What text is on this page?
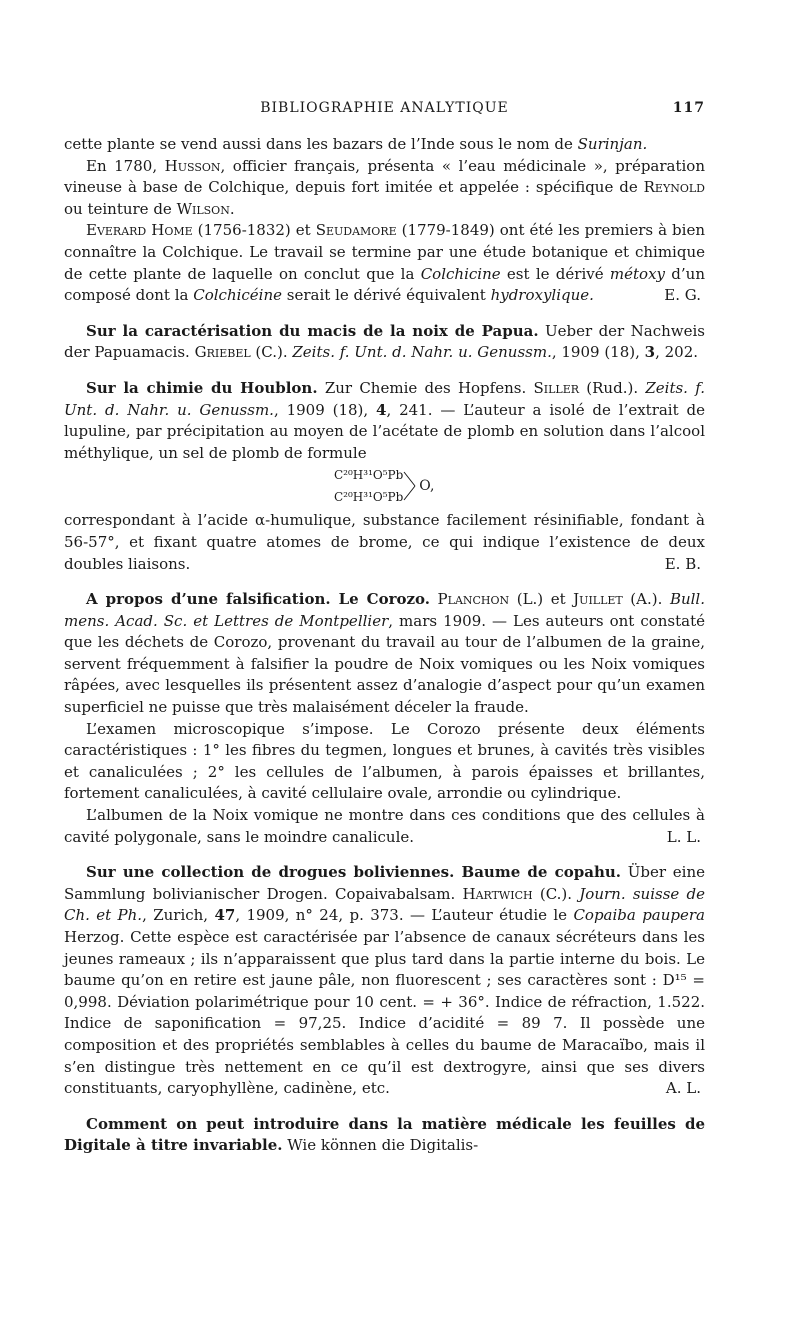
BIBLIOGRAPHIE ANALYTIQUE	117

cette plante se vend aussi dans les bazars de l’Inde sous le nom de Surinjan.

En 1780, Husson, officier français, présenta « l’eau médicinale », préparation vineuse à base de Colchique, depuis fort imitée et appelée : spécifique de Reynold ou teinture de Wilson.

Everard Home (1756-1832) et Seudamore (1779-1849) ont été les premiers à bien connaître la Colchique. Le travail se termine par une étude botanique et chimique de cette plante de laquelle on conclut que la Colchicine est le dérivé métoxy d’un composé dont la Colchicéine serait le dérivé équivalent hydroxylique.	E. G.

Sur la caractérisation du macis de la noix de Papua. Ueber der Nachweis der Papuamacis. Griebel (C.). Zeits. f. Unt. d. Nahr. u. Genussm., 1909 (18), 3, 202.

Sur la chimie du Houblon. Zur Chemie des Hopfens. Siller (Rud.). Zeits. f. Unt. d. Nahr. u. Genussm., 1909 (18), 4, 241. — L’auteur a isolé de l’extrait de lupuline, par précipitation au moyen de l’acétate de plomb en solution dans l’alcool méthylique, un sel de plomb de formule

C²⁰H³¹O⁵Pb
C²⁰H³¹O⁵Pb
O,

correspondant à l’acide α-humulique, substance facilement résinifiable, fondant à 56-57°, et fixant quatre atomes de brome, ce qui indique l’existence de deux doubles liaisons.	E. B.

A propos d’une falsification. Le Corozo. Planchon (L.) et Juillet (A.). Bull. mens. Acad. Sc. et Lettres de Montpellier, mars 1909. — Les auteurs ont constaté que les déchets de Corozo, provenant du travail au tour de l’albumen de la graine, servent fréquemment à falsifier la poudre de Noix vomiques ou les Noix vomiques râpées, avec lesquelles ils présentent assez d’analogie d’aspect pour qu’un examen superficiel ne puisse que très malaisément déceler la fraude.

L’examen microscopique s’impose. Le Corozo présente deux éléments caractéristiques : 1° les fibres du tegmen, longues et brunes, à cavités très visibles et canaliculées ; 2° les cellules de l’albumen, à parois épaisses et brillantes, fortement canaliculées, à cavité cellulaire ovale, arrondie ou cylindrique.

L’albumen de la Noix vomique ne montre dans ces conditions que des cellules à cavité polygonale, sans le moindre canalicule.	L. L.

Sur une collection de drogues boliviennes. Baume de copahu. Über eine Sammlung bolivianischer Drogen. Copaivabalsam. Hartwich (C.). Journ. suisse de Ch. et Ph., Zurich, 47, 1909, n° 24, p. 373. — L’auteur étudie le Copaiba paupera Herzog. Cette espèce est caractérisée par l’absence de canaux sécréteurs dans les jeunes rameaux ; ils n’apparaissent que plus tard dans la partie interne du bois. Le baume qu’on en retire est jaune pâle, non fluorescent ; ses caractères sont : D¹⁵ = 0,998. Déviation polarimétrique pour 10 cent. = + 36°. Indice de réfraction, 1.522. Indice de saponification = 97,25. Indice d’acidité = 89 7. Il possède une composition et des propriétés semblables à celles du baume de Maracaïbo, mais il s’en distingue très nettement en ce qu’il est dextrogyre, ainsi que ses divers constituants, caryophyllène, cadinène, etc.	A. L.

Comment on peut introduire dans la matière médicale les feuilles de Digitale à titre invariable. Wie können die Digitalis-
